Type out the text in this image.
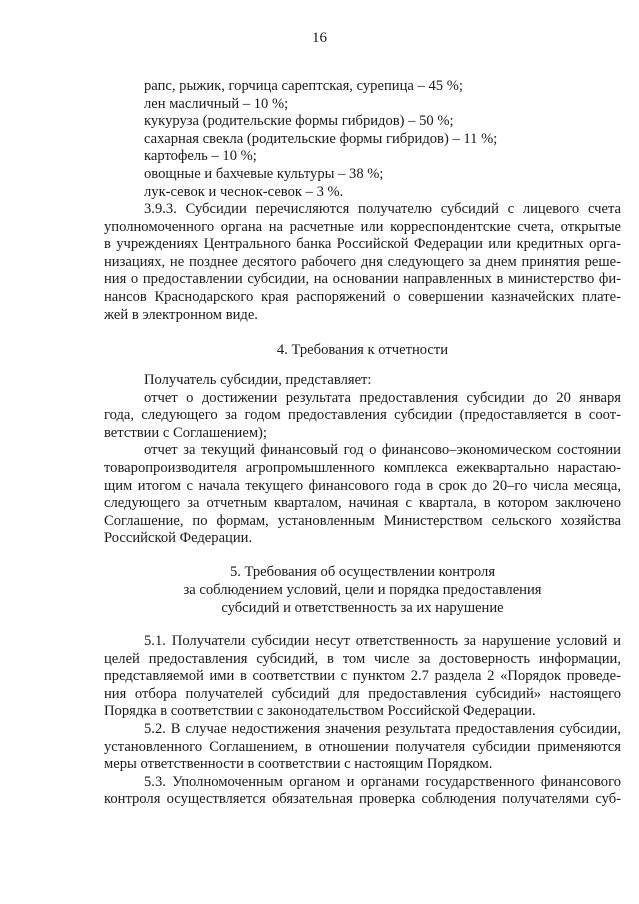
16
рапс, рыжик, горчица сарептская, сурепица – 45 %;
лен масличный – 10 %;
кукуруза (родительские формы гибридов) – 50 %;
сахарная свекла (родительские формы гибридов) – 11 %;
картофель – 10 %;
овощные и бахчевые культуры – 38 %;
лук-севок и чеснок-севок – 3 %.
3.9.3. Субсидии перечисляются получателю субсидий с лицевого счета
уполномоченного органа на расчетные или корреспондентские счета, открытые
в учреждениях Центрального банка Российской Федерации или кредитных орга-
низациях, не позднее десятого рабочего дня следующего за днем принятия реше-
ния о предоставлении субсидии, на основании направленных в министерство фи-
нансов Краснодарского края распоряжений о совершении казначейских плате-
жей в электронном виде.
4. Требования к отчетности
Получатель субсидии, представляет:
отчет о достижении результата предоставления субсидии до 20 января
года, следующего за годом предоставления субсидии (предоставляется в соот-
ветствии с Соглашением);
отчет за текущий финансовый год о финансово–экономическом состоянии
товаропроизводителя агропромышленного комплекса ежеквартально нарастаю-
щим итогом с начала текущего финансового года в срок до 20–го числа месяца,
следующего за отчетным кварталом, начиная с квартала, в котором заключено
Соглашение, по формам, установленным Министерством сельского хозяйства
Российской Федерации.
5. Требования об осуществлении контроля
за соблюдением условий, цели и порядка предоставления
субсидий и ответственность за их нарушение
5.1. Получатели субсидии несут ответственность за нарушение условий и
целей предоставления субсидий, в том числе за достоверность информации,
представляемой ими в соответствии с пунктом 2.7 раздела 2 «Порядок проведе-
ния отбора получателей субсидий для предоставления субсидий» настоящего
Порядка в соответствии с законодательством Российской Федерации.
5.2. В случае недостижения значения результата предоставления субсидии,
установленного Соглашением, в отношении получателя субсидии применяются
меры ответственности в соответствии с настоящим Порядком.
5.3. Уполномоченным органом и органами государственного финансового
контроля осуществляется обязательная проверка соблюдения получателями суб-
